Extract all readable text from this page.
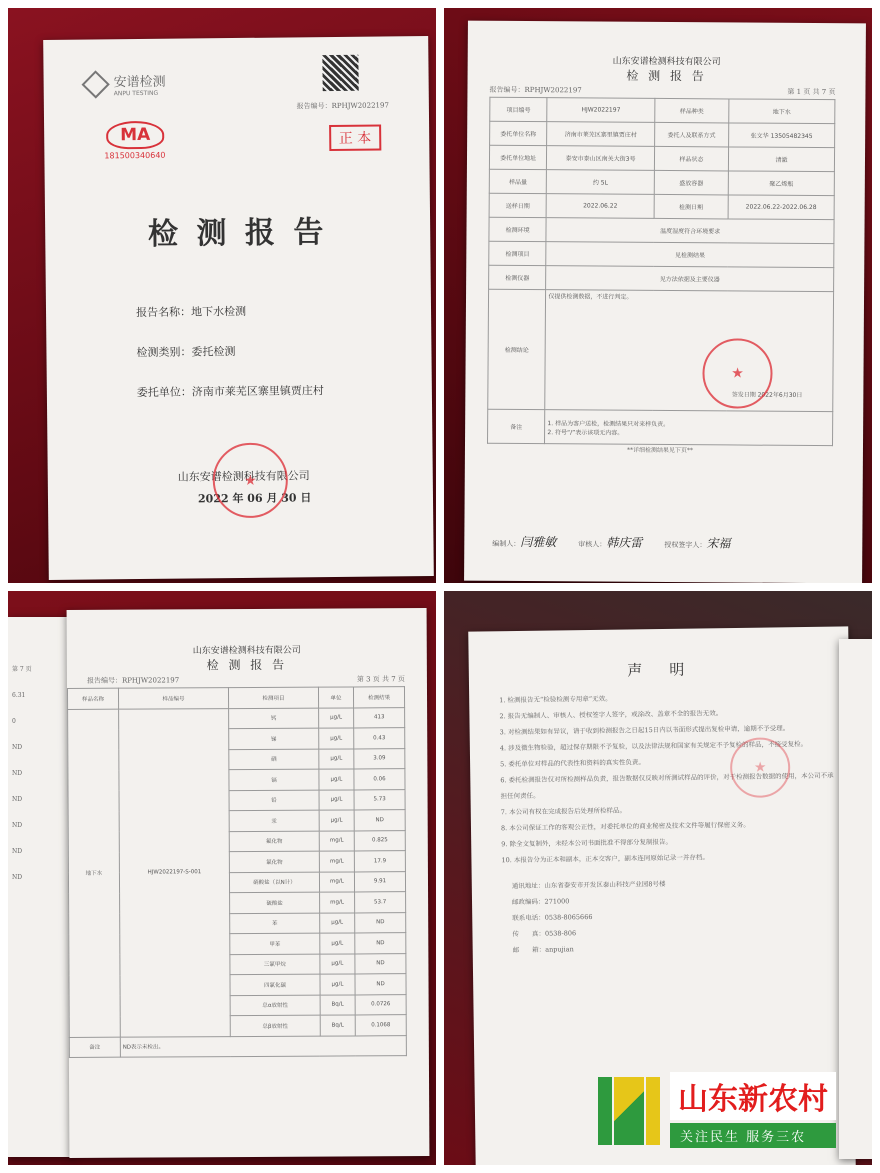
安谱检测
ANPU TESTING
报告编号：RPHJW2022197
MA
181500340640
正 本
检 测 报 告
报告名称：地下水检测
检测类别：委托检测
委托单位：济南市莱芜区寨里镇贾庄村
山东安谱检测科技有限公司
2022 年 06 月 30 日
★
山东安谱检测科技有限公司
检 测 报 告
报告编号：RPHJW2022197	第 1 页 共 7 页
项目编号	HJW2022197	样品种类	地下水
委托单位名称	济南市莱芜区寨里镇贾庄村	委托人及联系方式	张文华 13505482345
委托单位地址	泰安市泰山区南关大街3号	样品状态	清澈
样品量	约 5L	盛放容器	聚乙烯瓶
送样日期	2022.06.22	检测日期	2022.06.22-2022.06.28
检测环境	温度湿度符合环境要求		
检测项目	见检测结果		
检测仪器	见方法依据及主要仪器		
检测结论	仅提供检测数据，不进行判定。
签发日期 2022年6月30日
★

备注	1. 样品为客户送检，检测结果只对来样负责。
2. 符号“/”表示该项无内容。		
**详细检测结果见下页**
编制人：闫雅敏	审核人：韩庆雷	授权签字人：宋福
第 7 页
6.31
0
ND
ND
ND
ND
ND
ND
山东安谱检测科技有限公司
检 测 报 告
报告编号：RPHJW2022197	第 3 页 共 7 页
样品名称	样品编号	检测项目	单位	检测结果
地下水	HJW2022197-S-001	钙	μg/L	413
		锑	μg/L	0.43
		硒	μg/L	3.09
		镉	μg/L	0.06
		铅	μg/L	5.73
		汞	μg/L	ND
		氟化物	mg/L	0.825
		氯化物	mg/L	17.9
		硝酸盐（以N计）	mg/L	9.91
		硫酸盐	mg/L	53.7
		苯	μg/L	ND
		甲苯	μg/L	ND
		三氯甲烷	μg/L	ND
		四氯化碳	μg/L	ND
		总α放射性	Bq/L	0.0726
		总β放射性	Bq/L	0.1068
备注	ND表示未检出。			
声　明
1. 检测报告无“检验检测专用章”无效。
2. 报告无编制人、审核人、授权签字人签字，或涂改、盖章不全的报告无效。
3. 对检测结果如有异议，请于收到检测报告之日起15日内以书面形式提出复检申请，逾期不予受理。
4. 涉及微生物检验，超过保存期限不予复检，以及法律法规和国家有关规定不予复检的样品，不接受复检。
5. 委托单位对样品的代表性和资料的真实性负责。
6. 委托检测报告仅对所检测样品负责，报告数据仅反映对所测试样品的评价，对于检测报告数据的使用，本公司不承担任何责任。
7. 本公司有权在完成报告后处理所检样品。
8. 本公司保证工作的客观公正性，对委托单位的商业秘密及技术文件等履行保密义务。
9. 除全文复制外，未经本公司书面批准不得部分复制报告。
10. 本报告分为正本和副本，正本交客户，副本连同原始记录一并存档。
通讯地址：山东省泰安市开发区泰山科技产业园8号楼
邮政编码：271000
联系电话：0538-8065666
传　　真：0538-806
邮　　箱：anpujian
★
山东新农村
关注民生 服务三农
